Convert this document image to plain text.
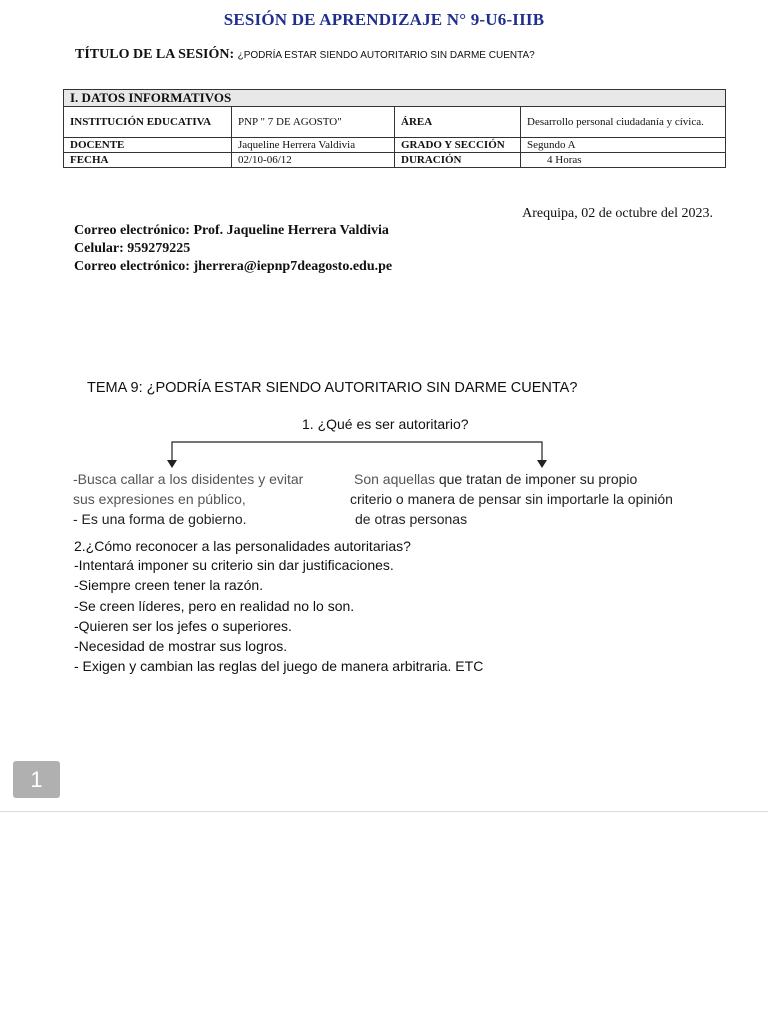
SESIÓN DE APRENDIZAJE N° 9-U6-IIIB
TÍTULO DE LA SESIÓN: ¿PODRÍA ESTAR SIENDO AUTORITARIO SIN DARME CUENTA?
I. DATOS INFORMATIVOS			
INSTITUCIÓN EDUCATIVA	PNP " 7 DE AGOSTO"	ÁREA	Desarrollo personal ciudadanía y cívica.
DOCENTE	Jaqueline Herrera Valdivia	GRADO Y SECCIÓN	Segundo A
FECHA	02/10-06/12	DURACIÓN	4 Horas
Arequipa, 02 de octubre del 2023.
Correo electrónico: Prof. Jaqueline Herrera Valdivia
Celular: 959279225
Correo electrónico: jherrera@iepnp7deagosto.edu.pe
TEMA 9: ¿PODRÍA ESTAR SIENDO AUTORITARIO SIN DARME CUENTA?
1. ¿Qué es ser autoritario?
-Busca callar a los disidentes y evitar
sus expresiones en público,
- Es una forma de gobierno.
Son aquellas que tratan de imponer su propio
criterio o manera de pensar sin importarle la opinión
de otras personas
2.¿Cómo reconocer a las personalidades autoritarias?
-Intentará imponer su criterio sin dar justificaciones.
-Siempre creen tener la razón.
-Se creen líderes, pero en realidad no lo son.
-Quieren ser los jefes o superiores.
-Necesidad de mostrar sus logros.
- Exigen y cambian las reglas del juego de manera arbitraria. ETC
1
